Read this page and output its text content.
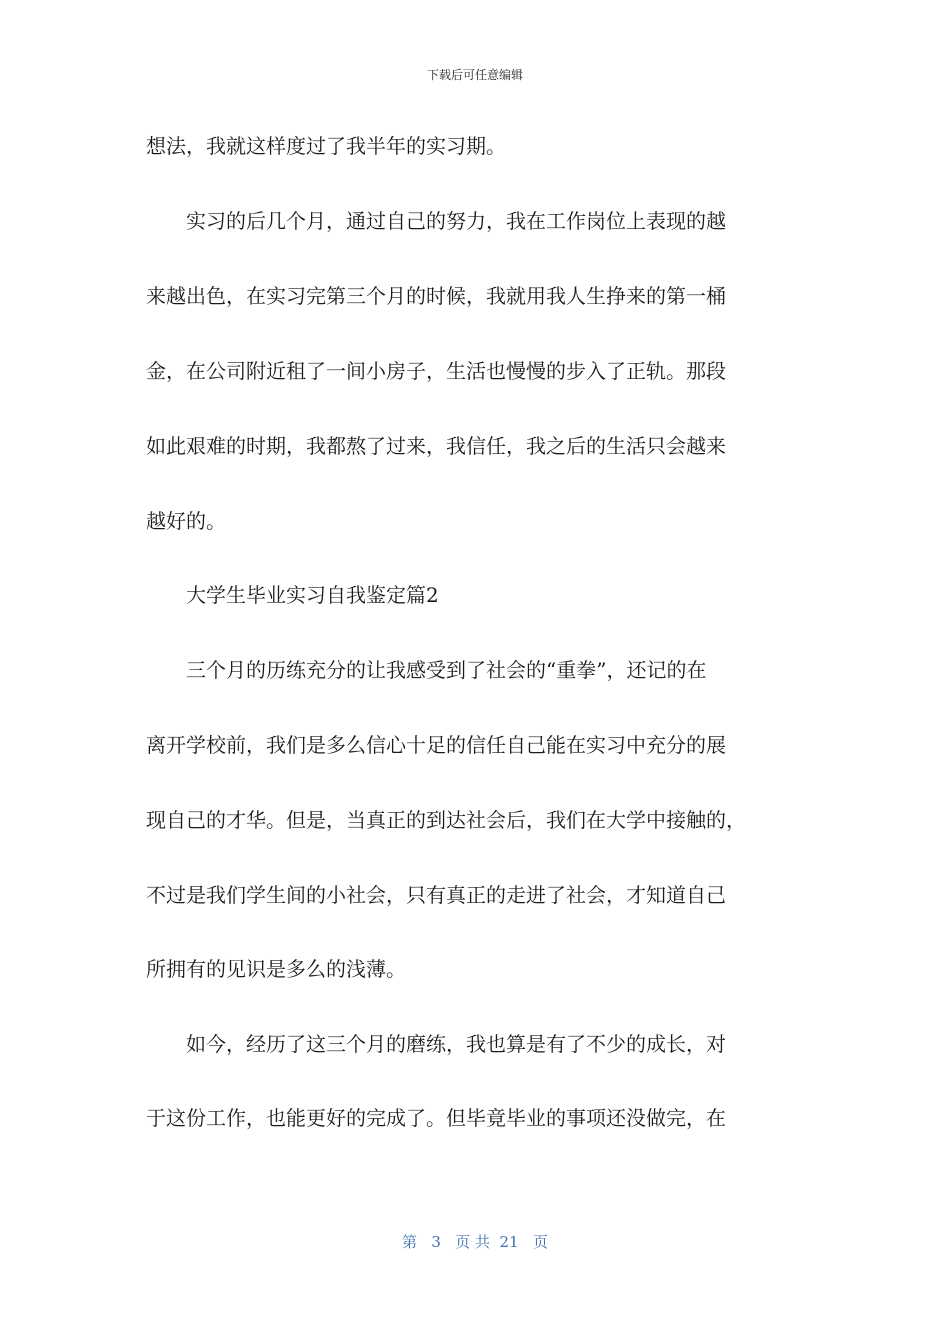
下载后可任意编辑
想法，我就这样度过了我半年的实习期。
　　实习的后几个月，通过自己的努力，我在工作岗位上表现的越
来越出色，在实习完第三个月的时候，我就用我人生挣来的第一桶
金，在公司附近租了一间小房子，生活也慢慢的步入了正轨。那段
如此艰难的时期，我都熬了过来，我信任，我之后的生活只会越来
越好的。
　　大学生毕业实习自我鉴定篇2
　　三个月的历练充分的让我感受到了社会的“重拳”，还记的在
离开学校前，我们是多么信心十足的信任自己能在实习中充分的展
现自己的才华。但是，当真正的到达社会后，我们在大学中接触的，
不过是我们学生间的小社会，只有真正的走进了社会，才知道自己
所拥有的见识是多么的浅薄。
　　如今，经历了这三个月的磨练，我也算是有了不少的成长，对
于这份工作，也能更好的完成了。但毕竟毕业的事项还没做完，在
第 3 页 共 21 页
